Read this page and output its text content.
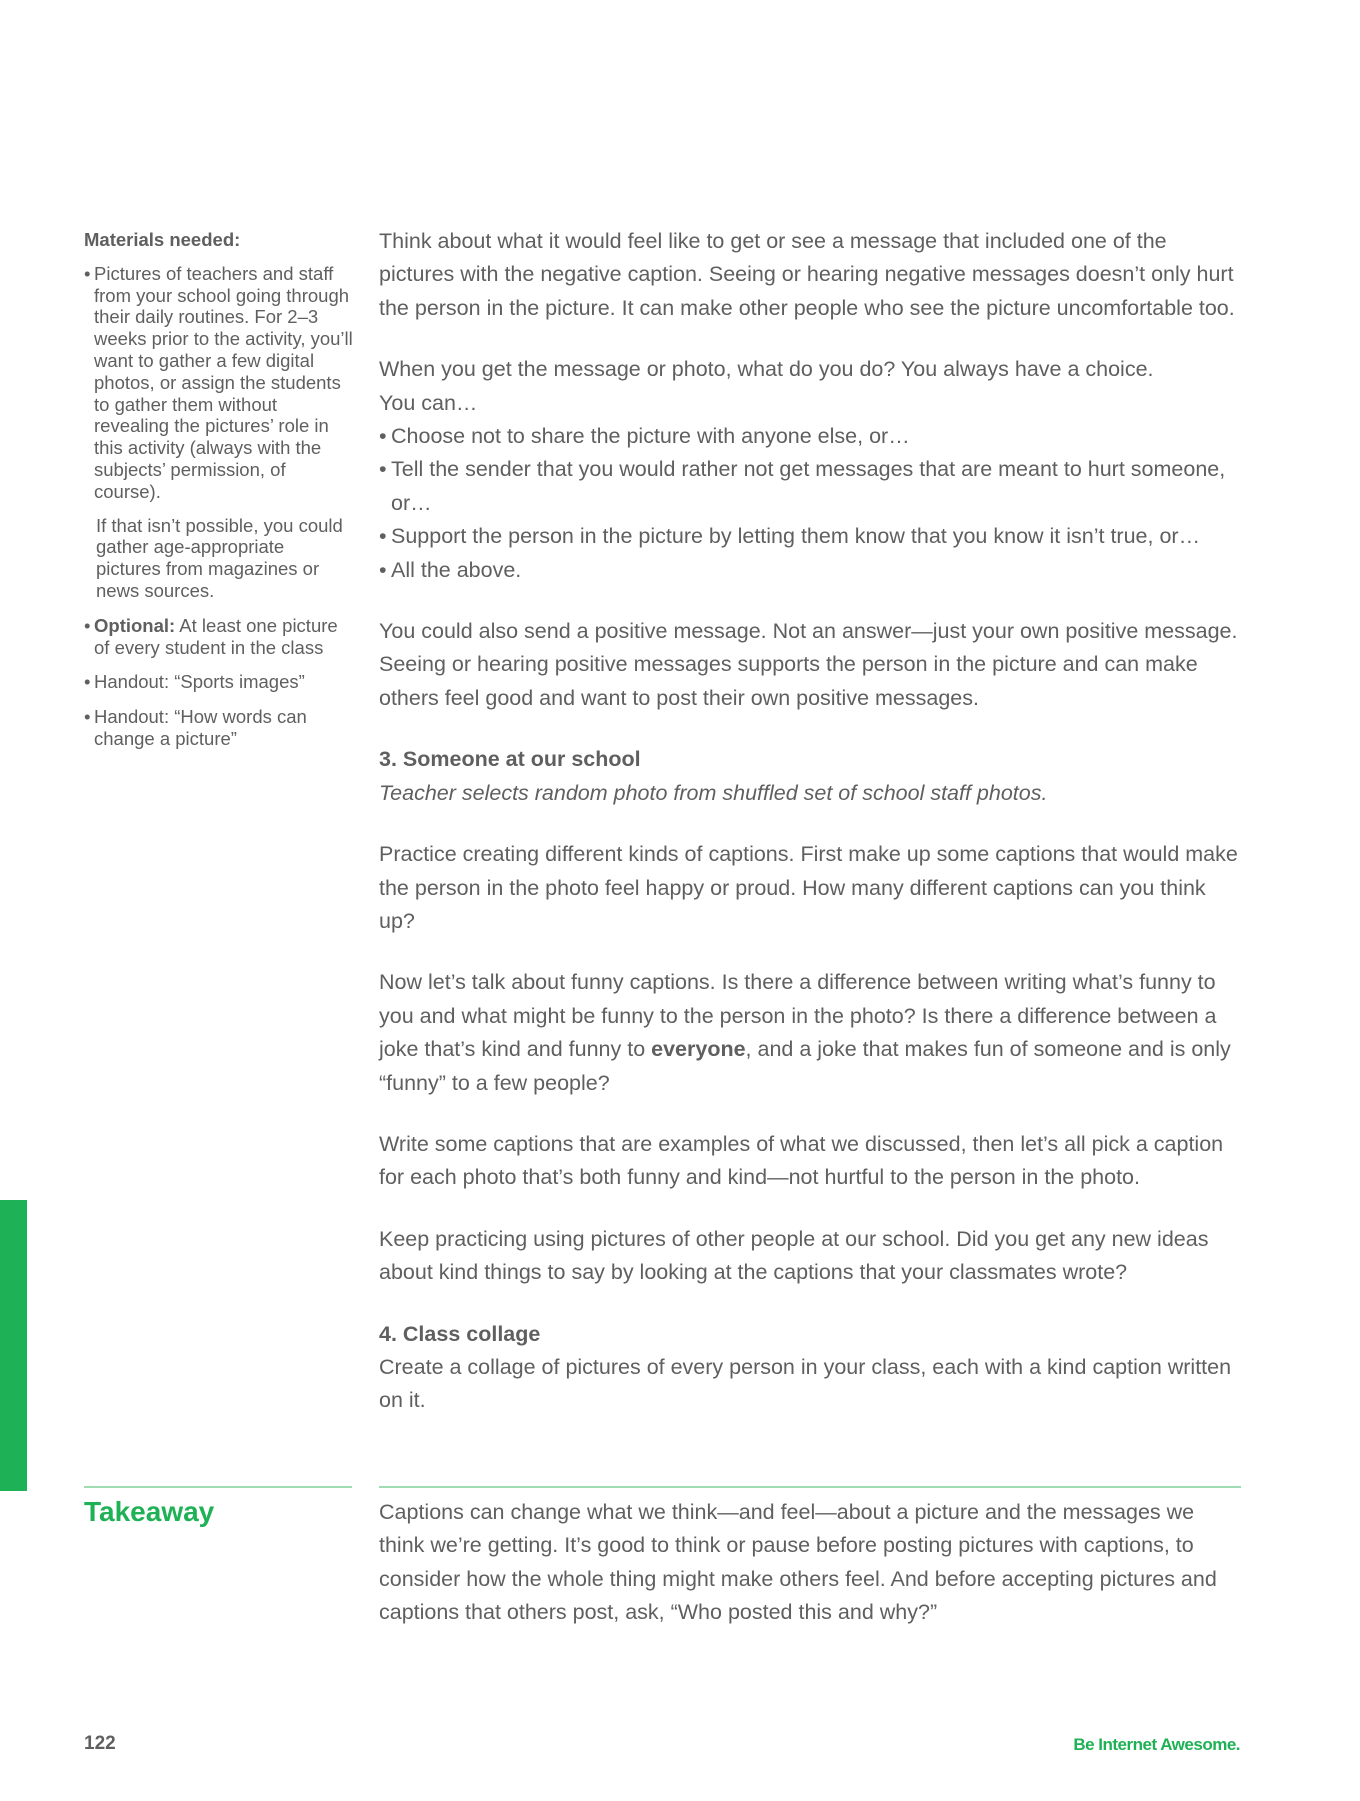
Materials needed:

• Pictures of teachers and staff from your school going through their daily routines. For 2–3 weeks prior to the activity, you’ll want to gather a few digital photos, or assign the students to gather them without revealing the pictures’ role in this activity (always with the subjects’ permission, of course).
If that isn’t possible, you could gather age-appropriate pictures from magazines or news sources.
• Optional: At least one picture of every student in the class
• Handout: “Sports images”
• Handout: “How words can change a picture”

Think about what it would feel like to get or see a message that included one of the pictures with the negative caption. Seeing or hearing negative messages doesn’t only hurt the person in the picture. It can make other people who see the picture uncomfortable too.

When you get the message or photo, what do you do? You always have a choice.

You can…

• Choose not to share the picture with anyone else, or…

• Tell the sender that you would rather not get messages that are meant to hurt someone, or…

• Support the person in the picture by letting them know that you know it isn’t true, or…

• All the above.

You could also send a positive message. Not an answer—just your own positive message. Seeing or hearing positive messages supports the person in the picture and can make others feel good and want to post their own positive messages.

3. Someone at our school

Teacher selects random photo from shuffled set of school staff photos.

Practice creating different kinds of captions. First make up some captions that would make the person in the photo feel happy or proud. How many different captions can you think up?

Now let’s talk about funny captions. Is there a difference between writing what’s funny to you and what might be funny to the person in the photo? Is there a difference between a joke that’s kind and funny to everyone, and a joke that makes fun of someone and is only “funny” to a few people?

Write some captions that are examples of what we discussed, then let’s all pick a caption for each photo that’s both funny and kind—not hurtful to the person in the photo.

Keep practicing using pictures of other people at our school. Did you get any new ideas about kind things to say by looking at the captions that your classmates wrote?

4. Class collage

Create a collage of pictures of every person in your class, each with a kind caption written on it.

Takeaway	Captions can change what we think—and feel—about a picture and the messages we think we’re getting. It’s good to think or pause before posting pictures with captions, to consider how the whole thing might make others feel. And before accepting pictures and captions that others post, ask, “Who posted this and why?”

122	Be Internet Awesome.
